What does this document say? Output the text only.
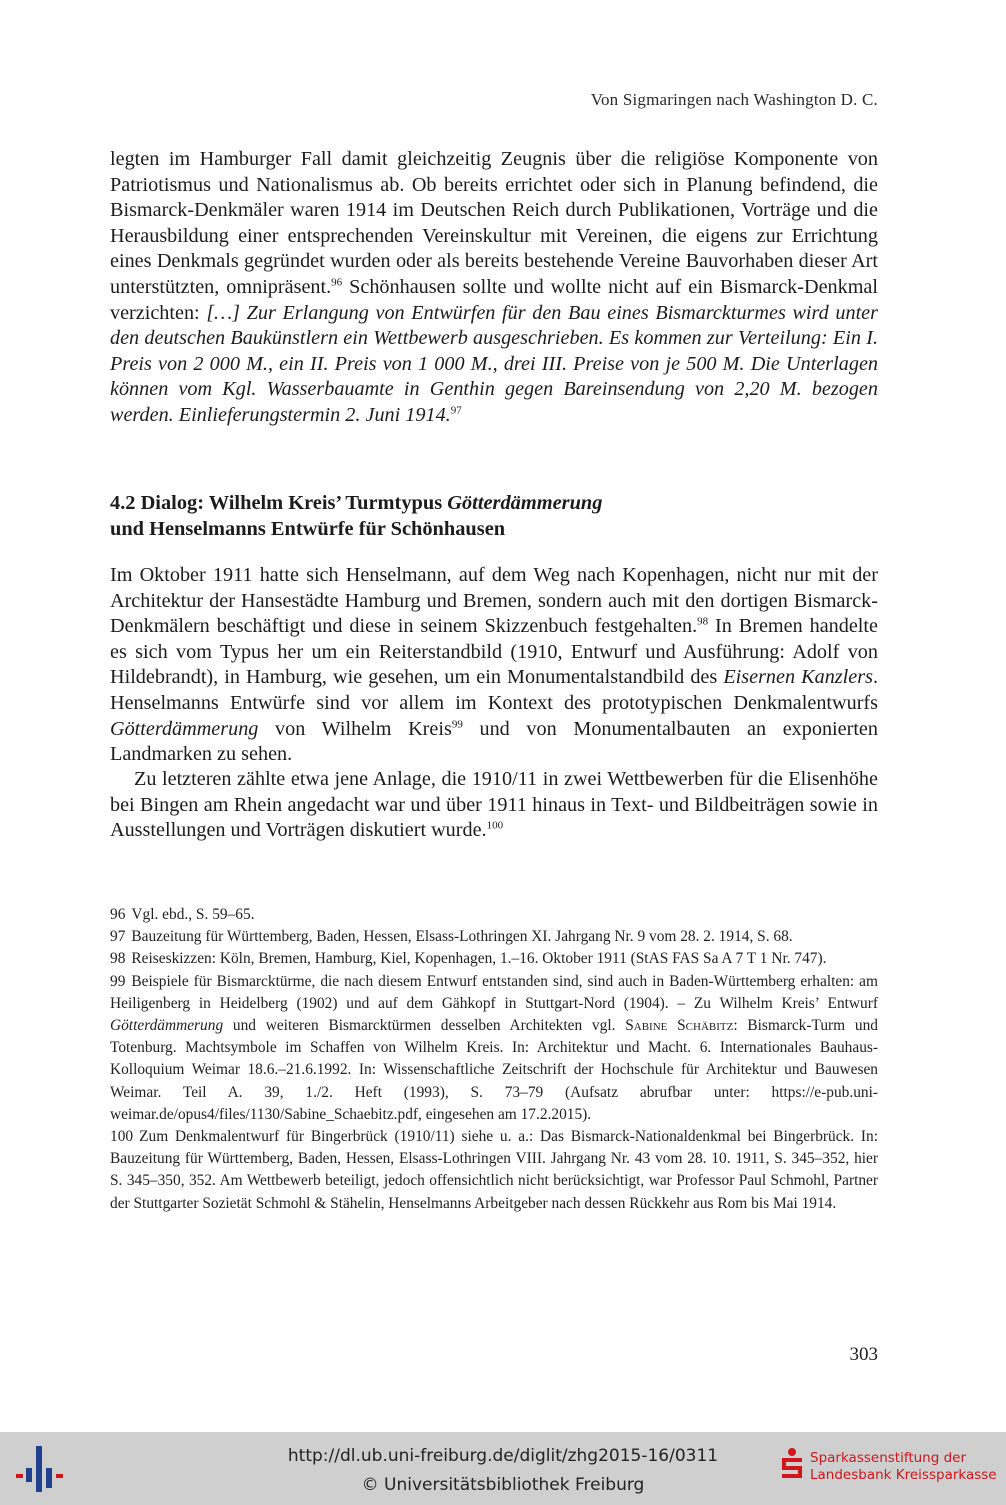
Von Sigmaringen nach Washington D. C.

legten im Hamburger Fall damit gleichzeitig Zeugnis über die religiöse Komponente von Patriotismus und Nationalismus ab. Ob bereits errichtet oder sich in Planung befindend, die Bismarck-Denkmäler waren 1914 im Deutschen Reich durch Publikationen, Vorträge und die Herausbildung einer entsprechenden Vereinskultur mit Vereinen, die eigens zur Errichtung eines Denkmals gegründet wurden oder als bereits bestehende Vereine Bauvorhaben dieser Art unterstützten, omnipräsent.$^{96}$ Schönhausen sollte und wollte nicht auf ein Bismarck-Denkmal verzichten: […] Zur Erlangung von Entwürfen für den Bau eines Bismarckturmes wird unter den deutschen Baukünstlern ein Wettbewerb ausgeschrieben. Es kommen zur Verteilung: Ein I. Preis von 2 000 M., ein II. Preis von 1 000 M., drei III. Preise von je 500 M. Die Unterlagen können vom Kgl. Wasserbauamte in Genthin gegen Bareinsendung von 2,20 M. bezogen werden. Einlieferungstermin 2. Juni 1914.97

4.2 Dialog: Wilhelm Kreis’ Turmtypus Götterdämmerung
und Henselmanns Entwürfe für Schönhausen

Im Oktober 1911 hatte sich Henselmann, auf dem Weg nach Kopenhagen, nicht nur mit der Architektur der Hansestädte Hamburg und Bremen, sondern auch mit den dortigen Bismarck-Denkmälern beschäftigt und diese in seinem Skizzenbuch festgehalten.$^{98}$ In Bremen handelte es sich vom Typus her um ein Reiterstandbild (1910, Entwurf und Ausführung: Adolf von Hildebrandt), in Hamburg, wie gesehen, um ein Monumentalstandbild des Eisernen Kanzlers. Henselmanns Entwürfe sind vor allem im Kontext des prototypischen Denkmalentwurfs Götterdämmerung von Wilhelm Kreis$^{99}$ und von Monumentalbauten an exponierten Landmarken zu sehen.

Zu letzteren zählte etwa jene Anlage, die 1910/11 in zwei Wettbewerben für die Elisenhöhe bei Bingen am Rhein angedacht war und über 1911 hinaus in Text- und Bildbeiträgen sowie in Ausstellungen und Vorträgen diskutiert wurde.$^{100}$

96 Vgl. ebd., S. 59–65.

97 Bauzeitung für Württemberg, Baden, Hessen, Elsass-Lothringen XI. Jahrgang Nr. 9 vom 28. 2. 1914, S. 68.

98 Reiseskizzen: Köln, Bremen, Hamburg, Kiel, Kopenhagen, 1.–16. Oktober 1911 (StAS FAS Sa A 7 T 1 Nr. 747).

99 Beispiele für Bismarcktürme, die nach diesem Entwurf entstanden sind, sind auch in Baden-Württemberg erhalten: am Heiligenberg in Heidelberg (1902) und auf dem Gähkopf in Stuttgart-Nord (1904). – Zu Wilhelm Kreis’ Entwurf Götterdämmerung und weiteren Bismarcktürmen desselben Architekten vgl. Sabine Schäbitz: Bismarck-Turm und Totenburg. Machtsymbole im Schaffen von Wilhelm Kreis. In: Architektur und Macht. 6. Internationales Bauhaus-Kolloquium Weimar 18.6.–21.6.1992. In: Wissenschaftliche Zeitschrift der Hochschule für Architektur und Bauwesen Weimar. Teil A. 39, 1./2. Heft (1993), S. 73–79 (Aufsatz abrufbar unter: https://e-pub.uni-weimar.de/opus4/files/1130/Sabine_Schaebitz.pdf, eingesehen am 17.2.2015).

100 Zum Denkmalentwurf für Bingerbrück (1910/11) siehe u. a.: Das Bismarck-Nationaldenkmal bei Bingerbrück. In: Bauzeitung für Württemberg, Baden, Hessen, Elsass-Lothringen VIII. Jahrgang Nr. 43 vom 28. 10. 1911, S. 345–352, hier S. 345–350, 352. Am Wettbewerb beteiligt, jedoch offensichtlich nicht berücksichtigt, war Professor Paul Schmohl, Partner der Stuttgarter Sozietät Schmohl & Stähelin, Henselmanns Arbeitgeber nach dessen Rückkehr aus Rom bis Mai 1914.

303
http://dl.ub.uni-freiburg.de/diglit/zhg2015-16/0311
© Universitätsbibliothek Freiburg
Sparkassenstiftung der
Landesbank Kreissparkasse
